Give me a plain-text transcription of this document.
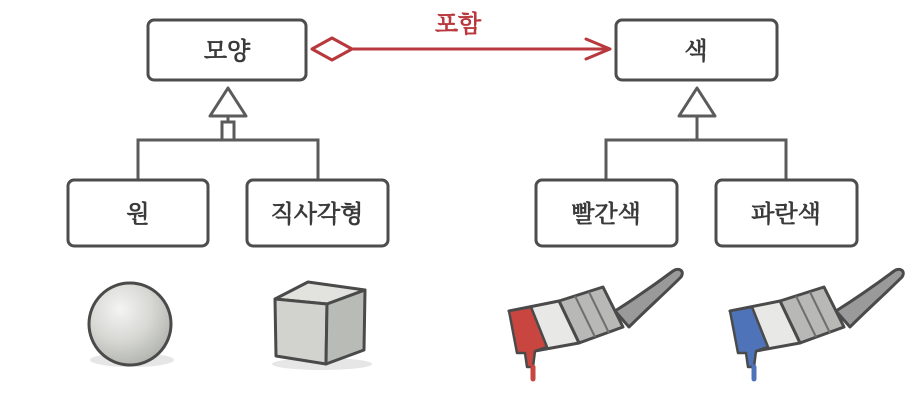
포함
모양	색
원	직사각형	빨간색	파란색
